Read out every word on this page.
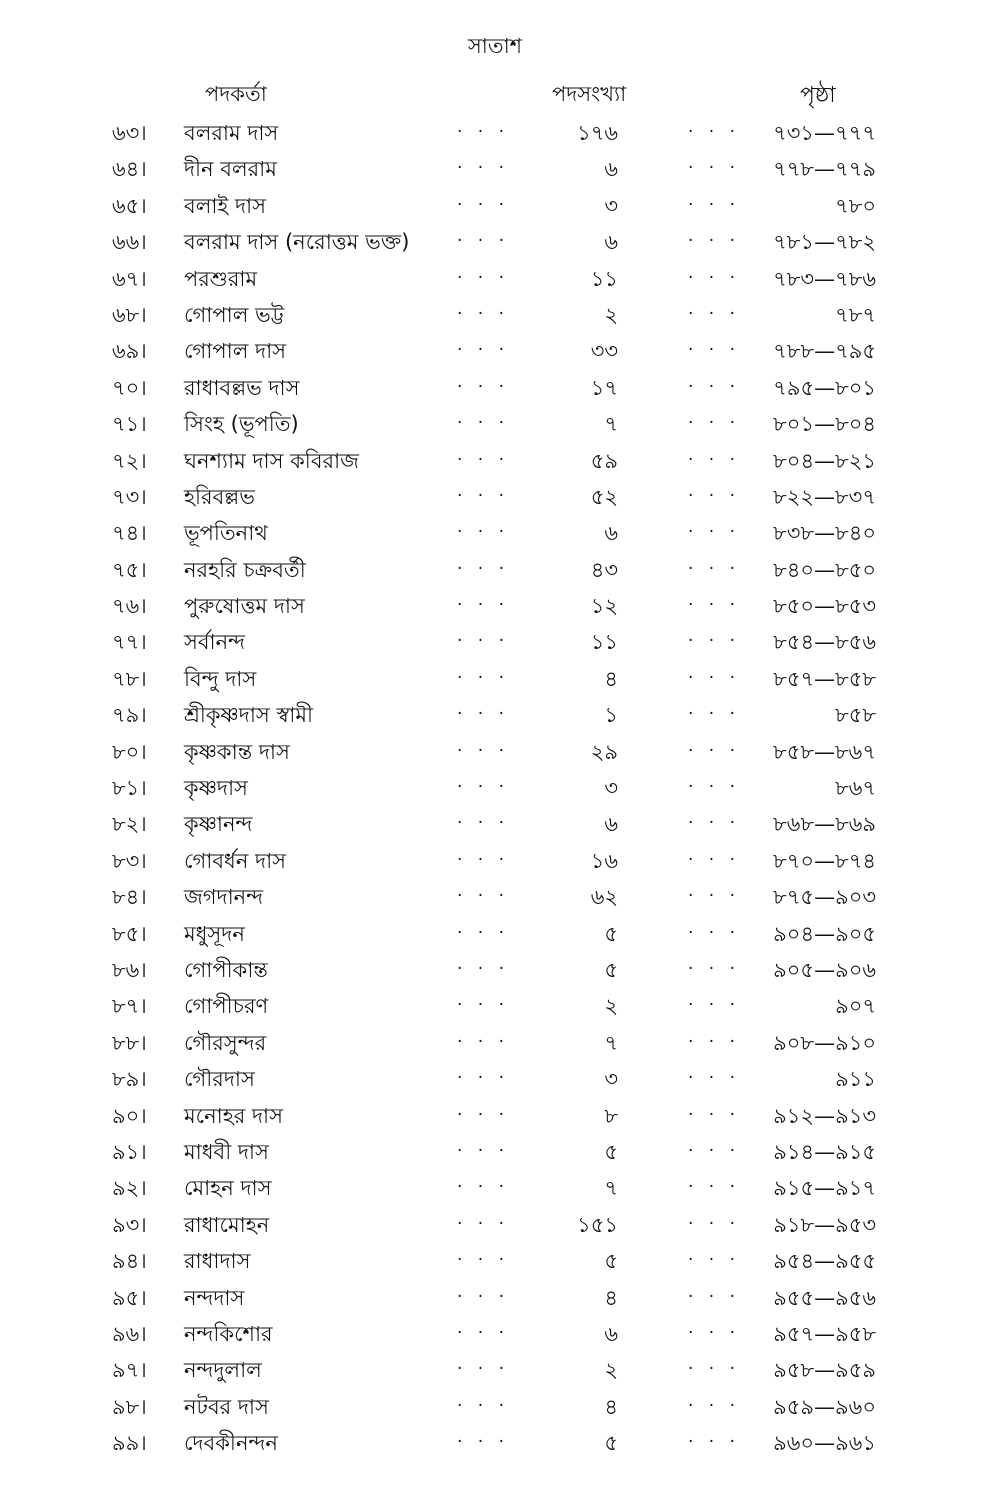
সাতাশ
পদকর্তা	পদসংখ্যা	পৃষ্ঠা
৬৩।	বলরাম দাস	. . .	১৭৬	. . .	৭৩১—৭৭৭
৬৪।	দীন বলরাম	. . .	৬	. . .	৭৭৮—৭৭৯
৬৫।	বলাই দাস	. . .	৩	. . .	৭৮০
৬৬।	বলরাম দাস (নরোত্তম ভক্ত)	. . .	৬	. . .	৭৮১—৭৮২
৬৭।	পরশুরাম	. . .	১১	. . .	৭৮৩—৭৮৬
৬৮।	গোপাল ভট্ট	. . .	২	. . .	৭৮৭
৬৯।	গোপাল দাস	. . .	৩৩	. . .	৭৮৮—৭৯৫
৭০।	রাধাবল্লভ দাস	. . .	১৭	. . .	৭৯৫—৮০১
৭১।	সিংহ (ভূপতি)	. . .	৭	. . .	৮০১—৮০৪
৭২।	ঘনশ্যাম দাস কবিরাজ	. . .	৫৯	. . .	৮০৪—৮২১
৭৩।	হরিবল্লভ	. . .	৫২	. . .	৮২২—৮৩৭
৭৪।	ভূপতিনাথ	. . .	৬	. . .	৮৩৮—৮৪০
৭৫।	নরহরি চক্রবর্তী	. . .	৪৩	. . .	৮৪০—৮৫০
৭৬।	পুরুষোত্তম দাস	. . .	১২	. . .	৮৫০—৮৫৩
৭৭।	সর্বানন্দ	. . .	১১	. . .	৮৫৪—৮৫৬
৭৮।	বিন্দু দাস	. . .	৪	. . .	৮৫৭—৮৫৮
৭৯।	শ্রীকৃষ্ণদাস স্বামী	. . .	১	. . .	৮৫৮
৮০।	কৃষ্ণকান্ত দাস	. . .	২৯	. . .	৮৫৮—৮৬৭
৮১।	কৃষ্ণদাস	. . .	৩	. . .	৮৬৭
৮২।	কৃষ্ণানন্দ	. . .	৬	. . .	৮৬৮—৮৬৯
৮৩।	গোবর্ধন দাস	. . .	১৬	. . .	৮৭০—৮৭৪
৮৪।	জগদানন্দ	. . .	৬২	. . .	৮৭৫—৯০৩
৮৫।	মধুসূদন	. . .	৫	. . .	৯০৪—৯০৫
৮৬।	গোপীকান্ত	. . .	৫	. . .	৯০৫—৯০৬
৮৭।	গোপীচরণ	. . .	২	. . .	৯০৭
৮৮।	গৌরসুন্দর	. . .	৭	. . .	৯০৮—৯১০
৮৯।	গৌরদাস	. . .	৩	. . .	৯১১
৯০।	মনোহর দাস	. . .	৮	. . .	৯১২—৯১৩
৯১।	মাধবী দাস	. . .	৫	. . .	৯১৪—৯১৫
৯২।	মোহন দাস	. . .	৭	. . .	৯১৫—৯১৭
৯৩।	রাধামোহন	. . .	১৫১	. . .	৯১৮—৯৫৩
৯৪।	রাধাদাস	. . .	৫	. . .	৯৫৪—৯৫৫
৯৫।	নন্দদাস	. . .	৪	. . .	৯৫৫—৯৫৬
৯৬।	নন্দকিশোর	. . .	৬	. . .	৯৫৭—৯৫৮
৯৭।	নন্দদুলাল	. . .	২	. . .	৯৫৮—৯৫৯
৯৮।	নটবর দাস	. . .	৪	. . .	৯৫৯—৯৬০
৯৯।	দেবকীনন্দন	. . .	৫	. . .	৯৬০—৯৬১
